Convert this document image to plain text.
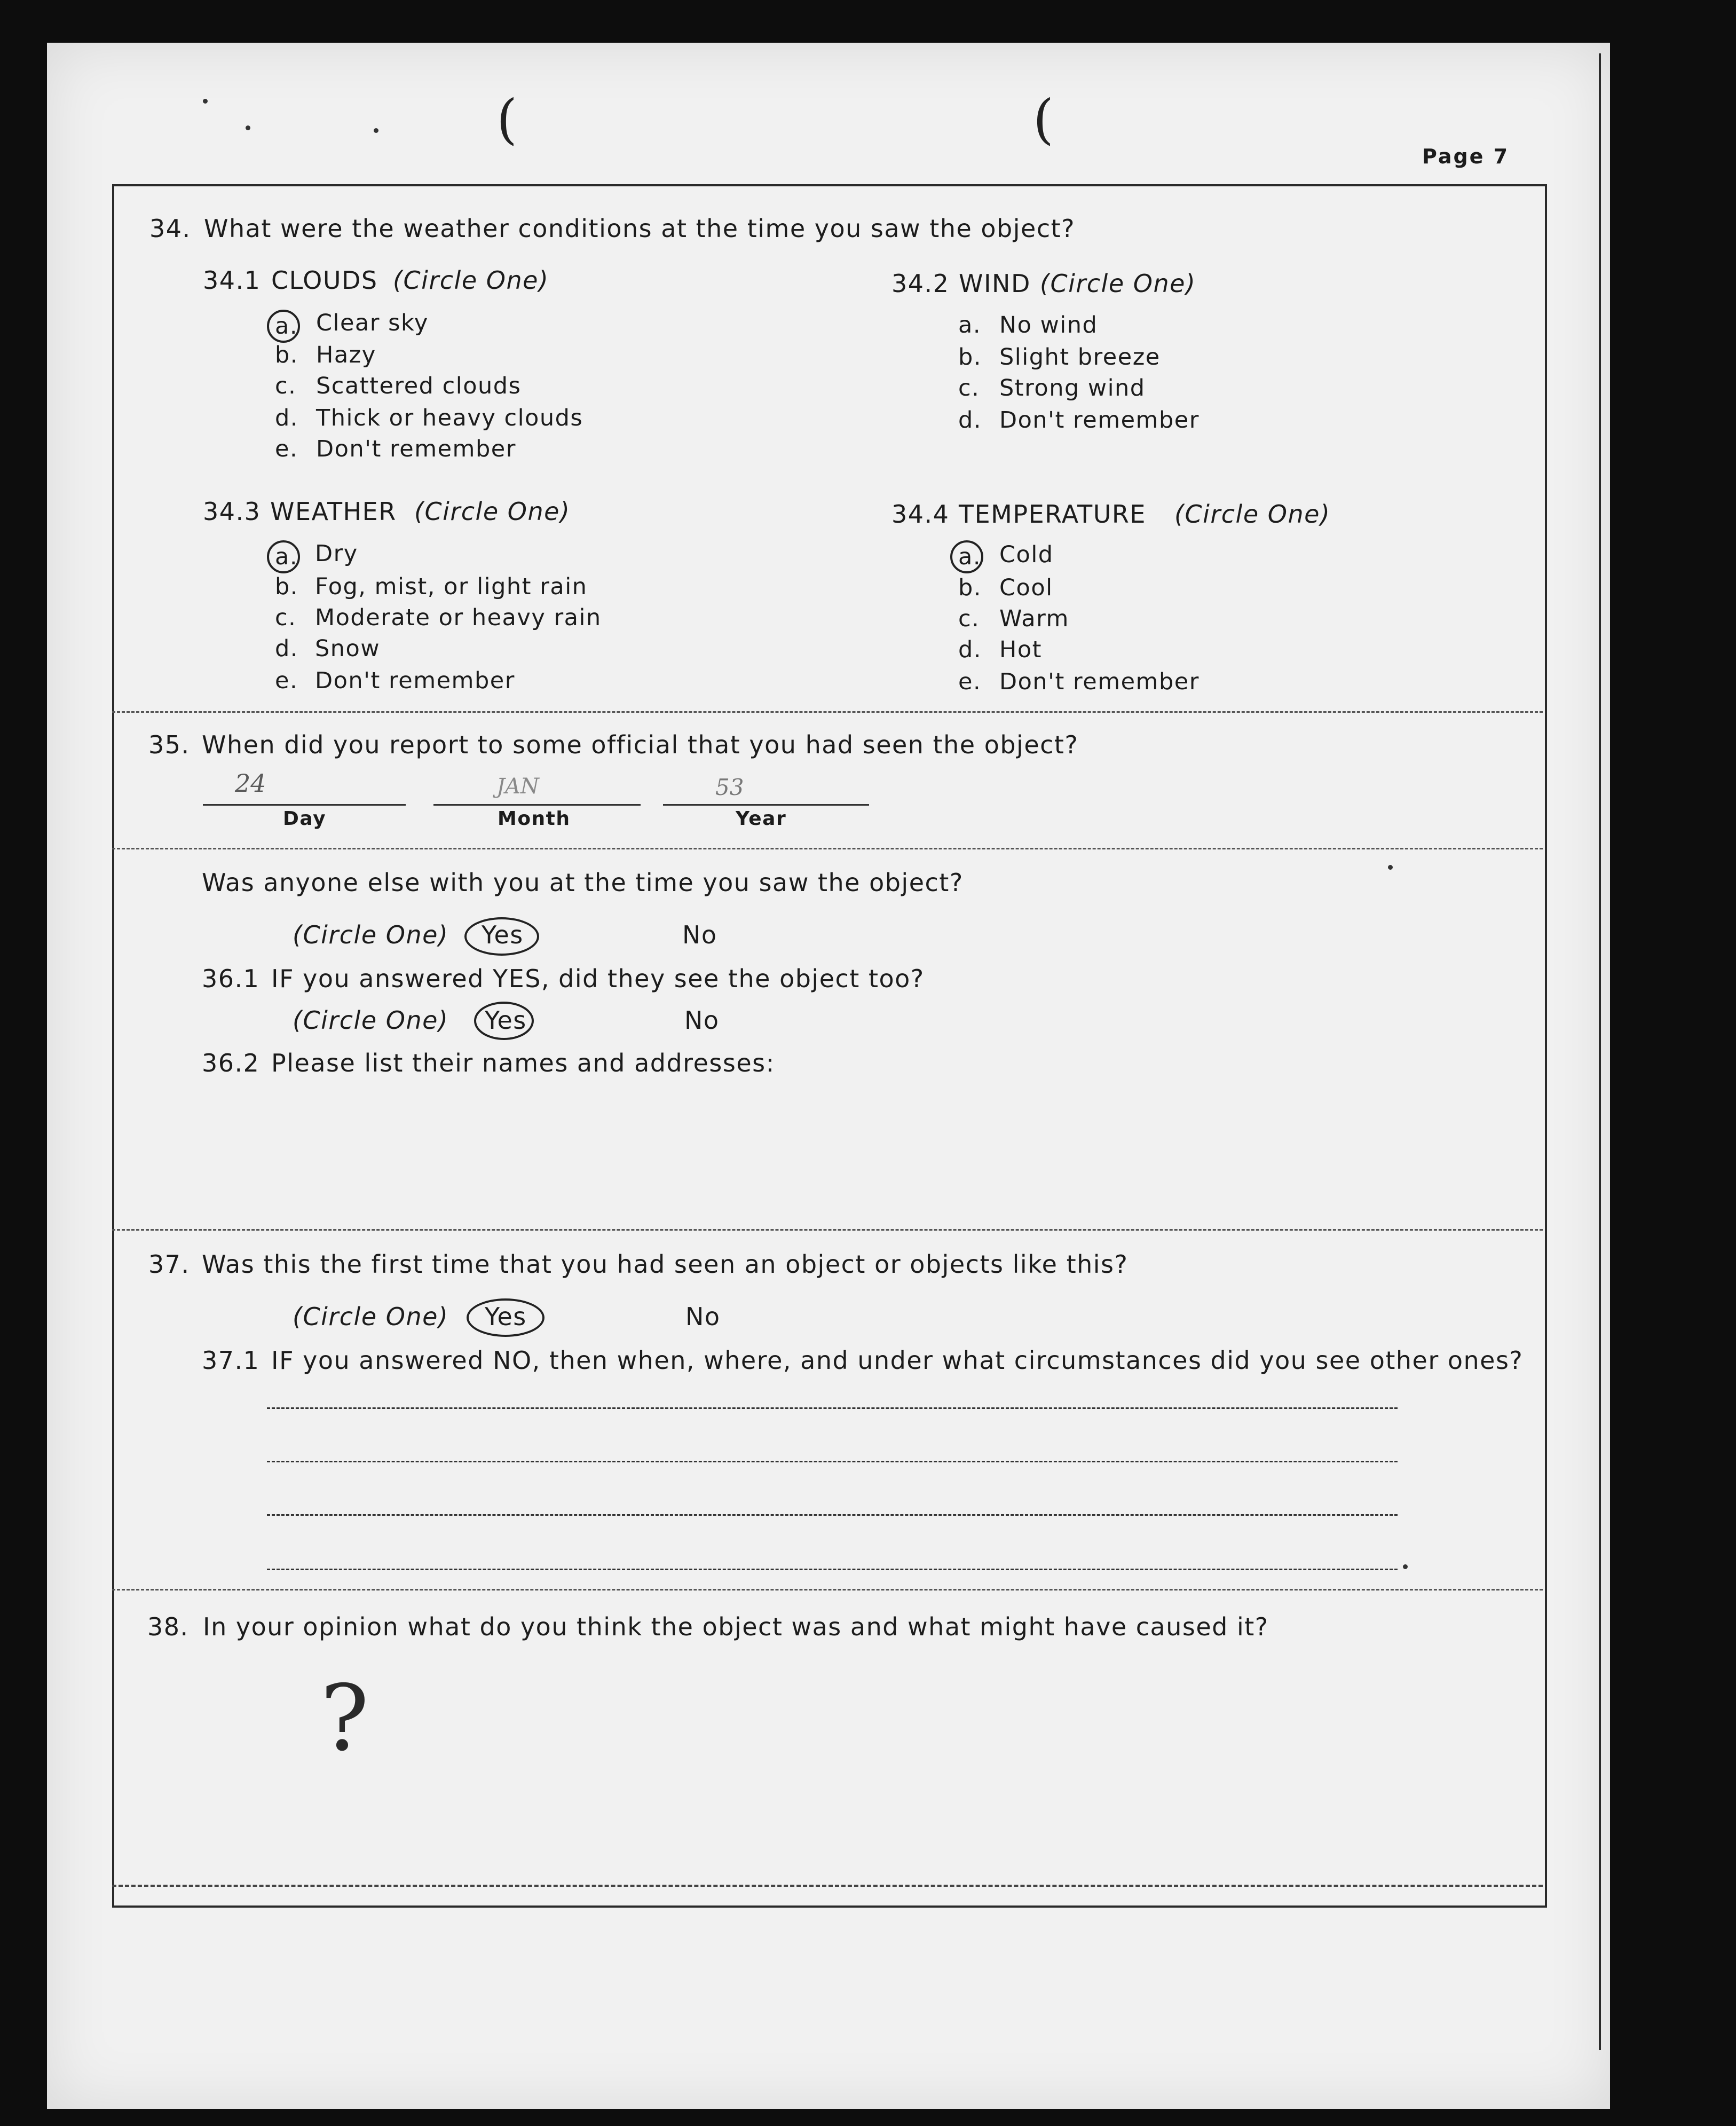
(	(
Page 7
34. What were the weather conditions at the time you saw the object?
34.1 CLOUDS (Circle One)
a. Clear sky
b. Hazy
c. Scattered clouds
d. Thick or heavy clouds
e. Don't remember
34.2 WIND (Circle One)
a. No wind
b. Slight breeze
c. Strong wind
d. Don't remember
34.3 WEATHER (Circle One)
a. Dry
b. Fog, mist, or light rain
c. Moderate or heavy rain
d. Snow
e. Don't remember
34.4 TEMPERATURE (Circle One)
a. Cold
b. Cool
c. Warm
d. Hot
e. Don't remember
35. When did you report to some official that you had seen the object?
24	JAN	53
Day	Month	Year
Was anyone else with you at the time you saw the object?
(Circle One) Yes	No
36.1 IF you answered YES, did they see the object too?
(Circle One) Yes	No
36.2 Please list their names and addresses:
37. Was this the first time that you had seen an object or objects like this?
(Circle One) Yes	No
37.1 IF you answered NO, then when, where, and under what circumstances did you see other ones?
38. In your opinion what do you think the object was and what might have caused it?
?
